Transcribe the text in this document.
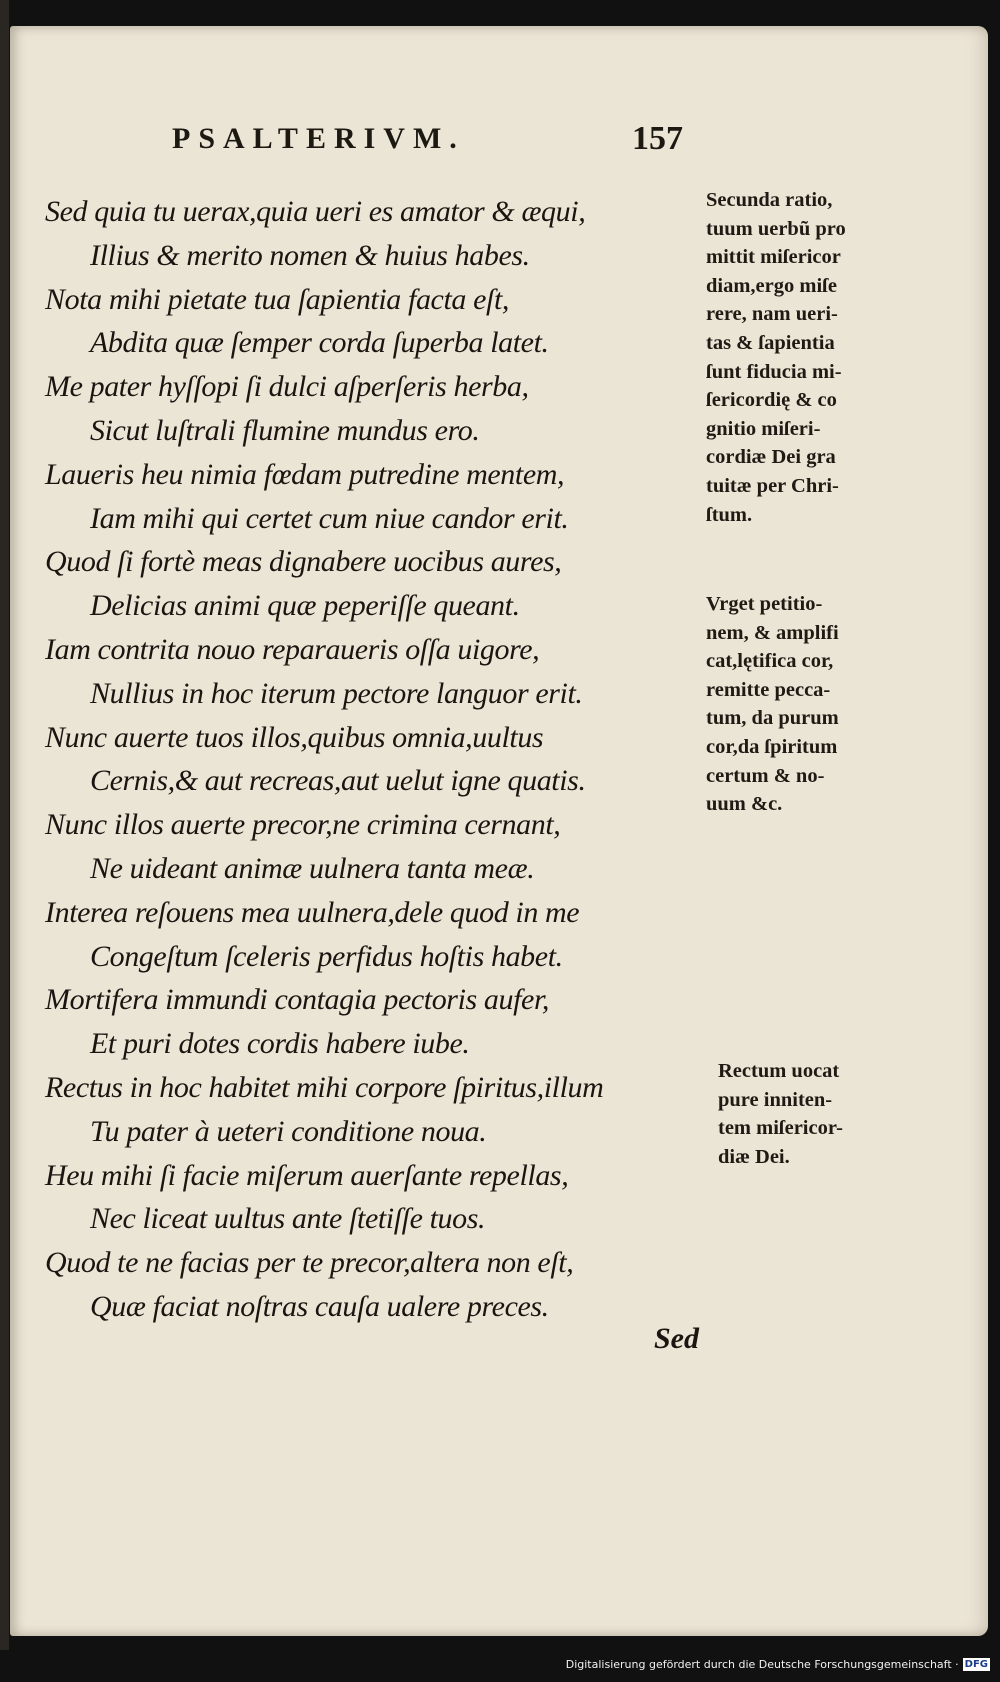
PSALTERIVM.	157
Sed quia tu uerax,quia ueri es amator & æqui,
Illius & merito nomen & huius habes.
Nota mihi pietate tua ſapientia facta eſt,
Abdita quæ ſemper corda ſuperba latet.
Me pater hyſſopi ſi dulci aſperſeris herba,
Sicut luſtrali flumine mundus ero.
Laueris heu nimia fœdam putredine mentem,
Iam mihi qui certet cum niue candor erit.
Quod ſi fortè meas dignabere uocibus aures,
Delicias animi quæ peperiſſe queant.
Iam contrita nouo reparaueris oſſa uigore,
Nullius in hoc iterum pectore languor erit.
Nunc auerte tuos illos,quibus omnia,uultus
Cernis,& aut recreas,aut uelut igne quatis.
Nunc illos auerte precor,ne crimina cernant,
Ne uideant animæ uulnera tanta meæ.
Interea reſouens mea uulnera,dele quod in me
Congeſtum ſceleris perfidus hoſtis habet.
Mortifera immundi contagia pectoris aufer,
Et puri dotes cordis habere iube.
Rectus in hoc habitet mihi corpore ſpiritus,illum
Tu pater à ueteri conditione noua.
Heu mihi ſi facie miſerum auerſante repellas,
Nec liceat uultus ante ſtetiſſe tuos.
Quod te ne facias per te precor,altera non eſt,
Quæ faciat noſtras cauſa ualere preces.
Secunda ratio,
tuum uerbũ pro
mittit miſericor
diam,ergo miſe
rere, nam ueri-
tas & ſapientia
ſunt fiducia mi-
ſericordię & co
gnitio miſeri-
cordiæ Dei gra
tuitæ per Chri-
ſtum.
Vrget petitio-
nem, & amplifi
cat,lętifica cor,
remitte pecca-
tum, da purum
cor,da ſpiritum
certum & no-
uum &c.
Rectum uocat
pure inniten-
tem miſericor-
diæ Dei.
Sed
Digitalisierung gefördert durch die Deutsche Forschungsgemeinschaft · DFG
